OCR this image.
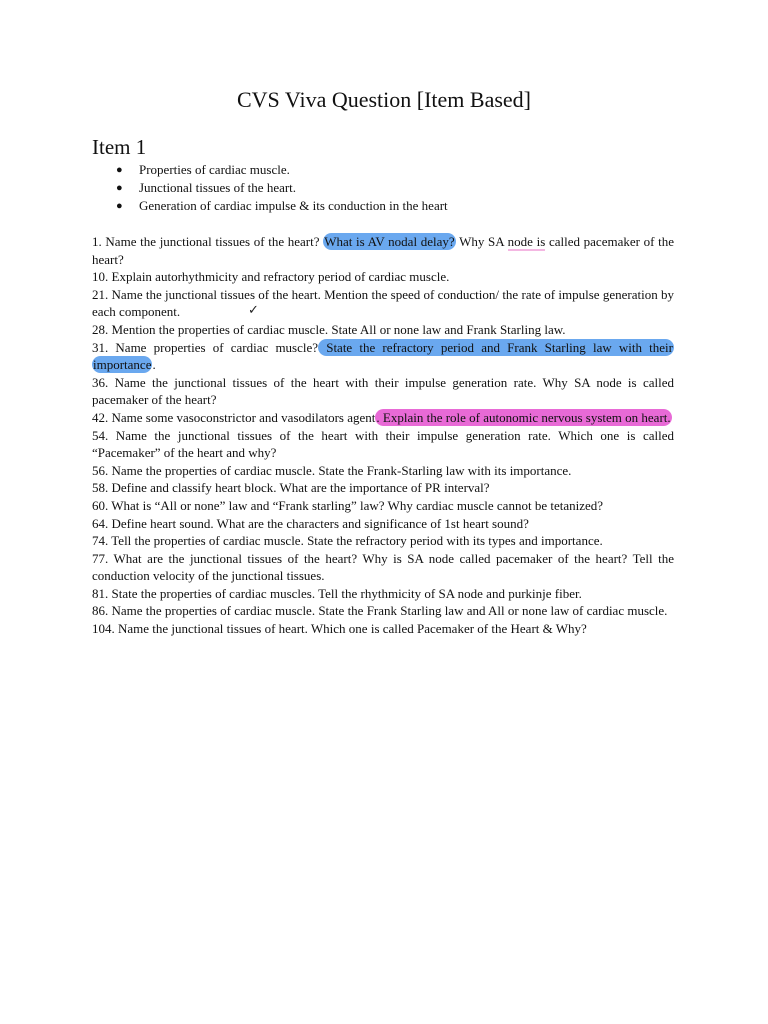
CVS Viva Question [Item Based]
Item 1
● Properties of cardiac muscle.
● Junctional tissues of the heart.
● Generation of cardiac impulse & its conduction in the heart

1. Name the junctional tissues of the heart? What is AV nodal delay? Why SA node is called pacemaker of the heart?

10. Explain autorhythmicity and refractory period of cardiac muscle.

21. Name the junctional tissues of the heart. Mention the speed of conduction/ the rate of impulse generation by each component.

28. Mention the properties of cardiac muscle. State All or none law and Frank Starling law.

31. Name properties of cardiac muscle? State the refractory period and Frank Starling law with their importance.

36. Name the junctional tissues of the heart with their impulse generation rate. Why SA node is called pacemaker of the heart?

42. Name some vasoconstrictor and vasodilators agent. Explain the role of autonomic nervous system on heart.

54. Name the junctional tissues of the heart with their impulse generation rate. Which one is called “Pacemaker” of the heart and why?

56. Name the properties of cardiac muscle. State the Frank-Starling law with its importance.

58. Define and classify heart block. What are the importance of PR interval?

60. What is “All or none” law and “Frank starling” law? Why cardiac muscle cannot be tetanized?

64. Define heart sound. What are the characters and significance of 1st heart sound?

74. Tell the properties of cardiac muscle. State the refractory period with its types and importance.

77. What are the junctional tissues of the heart? Why is SA node called pacemaker of the heart? Tell the conduction velocity of the junctional tissues.

81. State the properties of cardiac muscles. Tell the rhythmicity of SA node and purkinje fiber.

86. Name the properties of cardiac muscle. State the Frank Starling law and All or none law of cardiac muscle.

104. Name the junctional tissues of heart. Which one is called Pacemaker of the Heart & Why?

✓
